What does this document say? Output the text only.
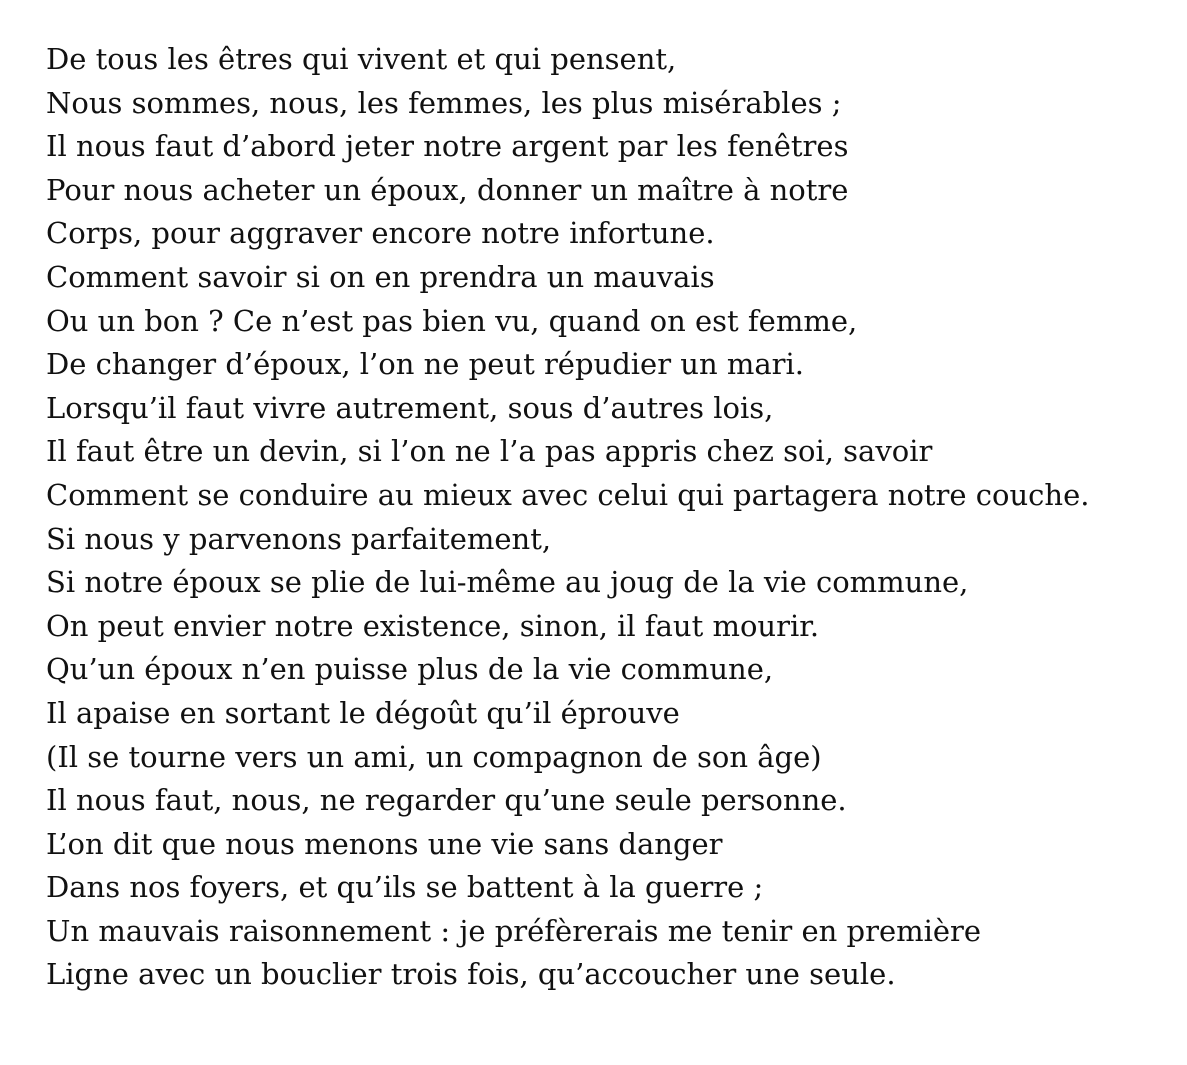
De tous les êtres qui vivent et qui pensent,
Nous sommes, nous, les femmes, les plus misérables ;
Il nous faut d’abord jeter notre argent par les fenêtres
Pour nous acheter un époux, donner un maître à notre
Corps, pour aggraver encore notre infortune.
Comment savoir si on en prendra un mauvais
Ou un bon ? Ce n’est pas bien vu, quand on est femme,
De changer d’époux, l’on ne peut répudier un mari.
Lorsqu’il faut vivre autrement, sous d’autres lois,
Il faut être un devin, si l’on ne l’a pas appris chez soi, savoir
Comment se conduire au mieux avec celui qui partagera notre couche.
Si nous y parvenons parfaitement,
Si notre époux se plie de lui-même au joug de la vie commune,
On peut envier notre existence, sinon, il faut mourir.
Qu’un époux n’en puisse plus de la vie commune,
Il apaise en sortant le dégoût qu’il éprouve
(Il se tourne vers un ami, un compagnon de son âge)
Il nous faut, nous, ne regarder qu’une seule personne.
L’on dit que nous menons une vie sans danger
Dans nos foyers, et qu’ils se battent à la guerre ;
Un mauvais raisonnement : je préfèrerais me tenir en première
Ligne avec un bouclier trois fois, qu’accoucher une seule.
